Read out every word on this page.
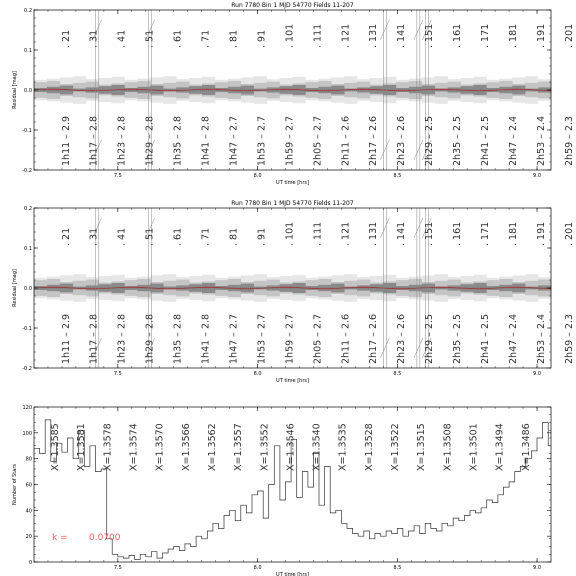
Run 7780 Bin 1 MJD 54770 Fields 11-207
. 21 . 31 . 41 . 51 . 61 . 71 . 81 . 91 . 101 . 111 . 121 . 131 . 141 . 151 . 161 . 171 . 181 . 191 . 201
1h11 – 2.9 1h17 – 2.8 1h23 – 2.8 1h29 – 2.8 1h35 – 2.8 1h41 – 2.8 1h47 – 2.7 1h53 – 2.7 1h59 – 2.7 2h05 – 2.7 2h11 – 2.6 2h17 – 2.6 2h23 – 2.6 2h29 – 2.5 2h35 – 2.5 2h41 – 2.5 2h47 – 2.4 2h53 – 2.4 2h59 – 2.3
0.2
0.1
0.0
-0.1
-0.2
7.5	8.0	8.5	9.0
UT time [hrs]
Residual [mag]
Run 7780 Bin 1 MJD 54770 Fields 11-207
. 21 . 31 . 41 . 51 . 61 . 71 . 81 . 91 . 101 . 111 . 121 . 131 . 141 . 151 . 161 . 171 . 181 . 191 . 201
1h11 – 2.9 1h17 – 2.8 1h23 – 2.8 1h29 – 2.8 1h35 – 2.8 1h41 – 2.8 1h47 – 2.7 1h53 – 2.7 1h59 – 2.7 2h05 – 2.7 2h11 – 2.6 2h17 – 2.6 2h23 – 2.6 2h29 – 2.5 2h35 – 2.5 2h41 – 2.5 2h47 – 2.4 2h53 – 2.4 2h59 – 2.3
0.2
0.1
0.0
-0.1
-0.2
7.5	8.0	8.5	9.0
UT time [hrs]
Residual [mag]
X=1.3585 X=1.3581 X=1.3578 X=1.3574 X=1.3570 X=1.3566 X=1.3562 X=1.3557 X=1.3552 X=1.3546 X=1.3540 X=1.3535 X=1.3528 X=1.3522 X=1.3515 X=1.3508 X=1.3501 X=1.3494 X=1.3486
k = 0.0700
120
100
80
60
40
20
0
7.5	8.0	8.5	9.0
UT time [hrs]
Number of Stars
